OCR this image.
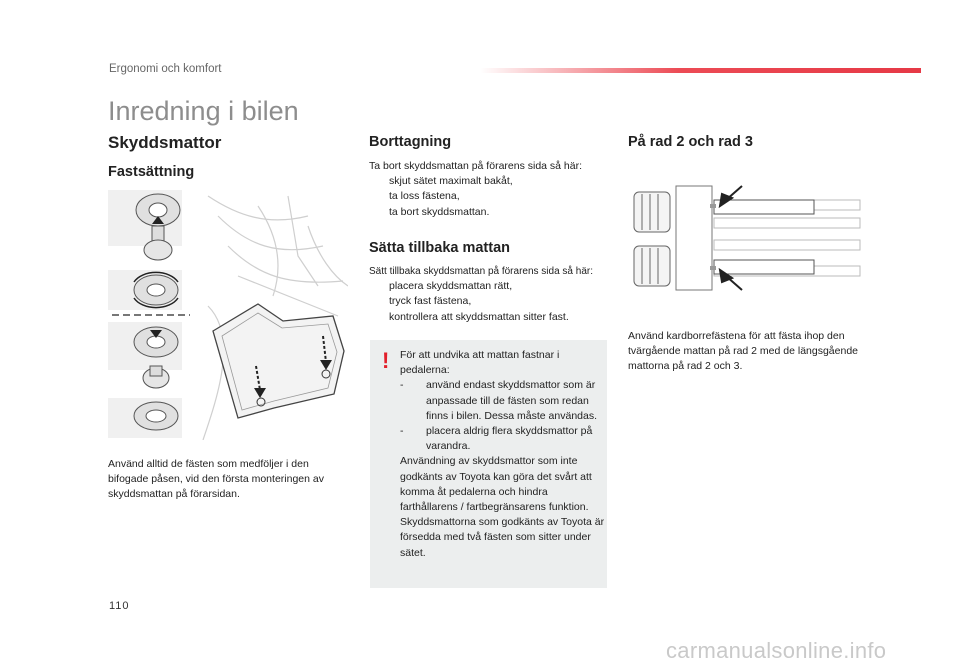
Ergonomi och komfort
Inredning i bilen
Skyddsmattor
Fastsättning
Använd alltid de fästen som medföljer i den bifogade påsen, vid den första monteringen av skyddsmattan på förarsidan.
Borttagning
Ta bort skyddsmattan på förarens sida så här:
skjut sätet maximalt bakåt,
ta loss fästena,
ta bort skyddsmattan.
Sätta tillbaka mattan
Sätt tillbaka skyddsmattan på förarens sida så här:
placera skyddsmattan rätt,
tryck fast fästena,
kontrollera att skyddsmattan sitter fast.
! För att undvika att mattan fastnar i pedalerna:
-	använd endast skyddsmattor som är anpassade till de fästen som redan finns i bilen. Dessa måste användas.
-	placera aldrig flera skyddsmattor på varandra.
Användning av skyddsmattor som inte godkänts av Toyota kan göra det svårt att komma åt pedalerna och hindra farthållarens / fartbegränsarens funktion.
Skyddsmattorna som godkänts av Toyota är försedda med två fästen som sitter under sätet.
På rad 2 och rad 3
Använd kardborrefästena för att fästa ihop den tvärgående mattan på rad 2 med de längsgående mattorna på rad 2 och 3.
110
carmanualsonline.info
